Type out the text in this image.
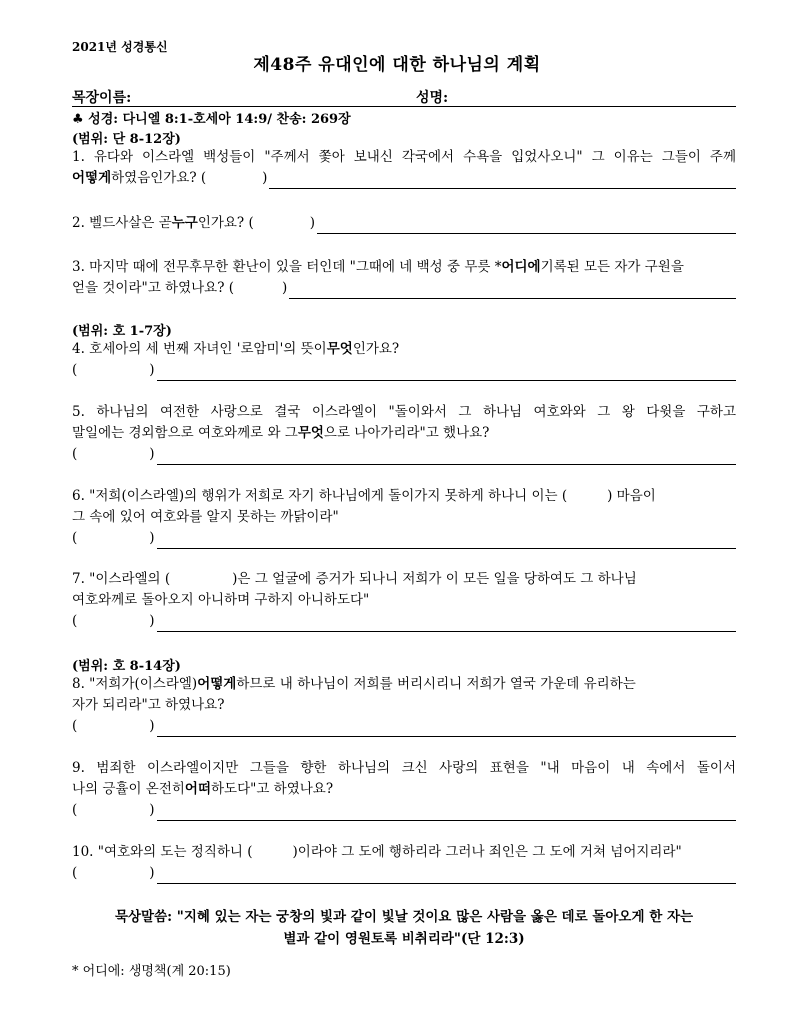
2021년 성경통신
제48주 유대인에 대한 하나님의 계획
목장이름:	성명:
♣ 성경: 다니엘 8:1-호세아 14:9/ 찬송: 269장
(범위: 단 8-12장)
1. 유다와 이스라엘 백성들이 "주께서 쫓아 보내신 각국에서 수욕을 입었사오니" 그 이유는 그들이 주께
어떻게 하였음인가요? (	)
2. 벨드사살은 곧 누구 인가요? (	)
3. 마지막 때에 전무후무한 환난이 있을 터인데 "그때에 네 백성 중 무릇 * 어디에 기록된 모든 자가 구원을
얻을 것이라"고 하였나요? (	)
(범위: 호 1-7장)
4. 호세아의 세 번째 자녀인 '로암미'의 뜻이 무엇 인가요?
(	)
5. 하나님의 여전한 사랑으로 결국 이스라엘이 "돌이와서 그 하나님 여호와와 그 왕 다윗을 구하고
말일에는 경외함으로 여호와께로 와 그 무엇 으로 나아가리라"고 했나요?
(	)
6. "저희(이스라엘)의 행위가 저희로 자기 하나님에게 돌이가지 못하게 하나니 이는 (	) 마음이
그 속에 있어 여호와를 알지 못하는 까닭이라"
(	)
7. "이스라엘의 (	)은 그 얼굴에 증거가 되나니 저희가 이 모든 일을 당하여도 그 하나님
여호와께로 돌아오지 아니하며 구하지 아니하도다"
(	)
(범위: 호 8-14장)
8. "저희가(이스라엘) 어떻게 하므로 내 하나님이 저희를 버리시리니 저희가 열국 가운데 유리하는
자가 되리라"고 하였나요?
(	)
9. 범죄한 이스라엘이지만 그들을 향한 하나님의 크신 사랑의 표현을 "내 마음이 내 속에서 돌이서
나의 긍휼이 온전히 어떠 하도다"고 하였나요?
(	)
10. "여호와의 도는 정직하니 (	)이라야 그 도에 행하리라 그러나 죄인은 그 도에 거쳐 넘어지리라"
(	)
묵상말씀: "지혜 있는 자는 궁창의 빛과 같이 빛날 것이요 많은 사람을 옳은 데로 돌아오게 한 자는
별과 같이 영원토록 비취리라"(단 12:3)
* 어디에: 생명책(계 20:15)
